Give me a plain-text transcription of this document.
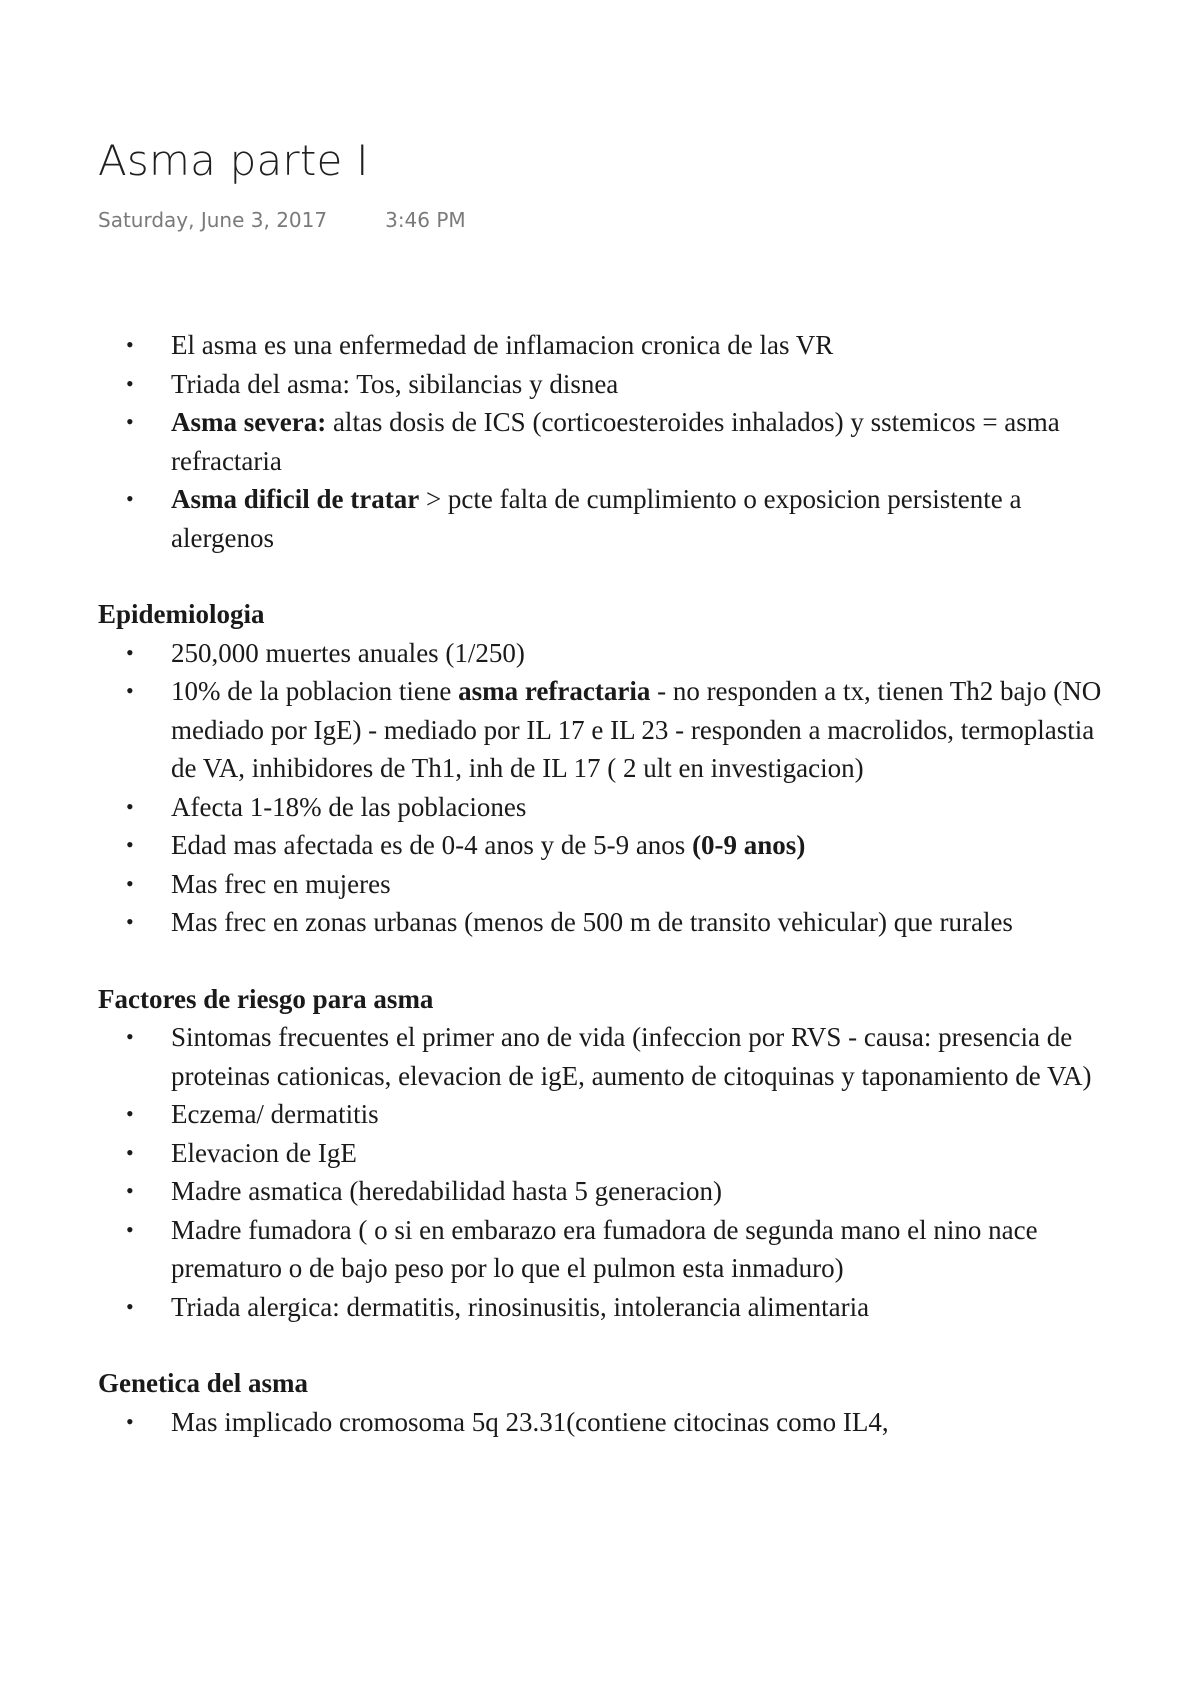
Asma parte I
Saturday, June 3, 2017	3:46 PM
• El asma es una enfermedad de inflamacion cronica de las VR
• Triada del asma: Tos, sibilancias y disnea
• Asma severa: altas dosis de ICS (corticoesteroides inhalados) y sstemicos = asma refractaria
• Asma dificil de tratar > pcte falta de cumplimiento o exposicion persistente a alergenos
Epidemiologia
• 250,000 muertes anuales (1/250)
• 10% de la poblacion tiene asma refractaria - no responden a tx, tienen Th2 bajo (NO mediado por IgE) - mediado por IL 17 e IL 23 - responden a macrolidos, termoplastia de VA, inhibidores de Th1, inh de IL 17 ( 2 ult en investigacion)
• Afecta 1-18% de las poblaciones
• Edad mas afectada es de 0-4 anos y de 5-9 anos (0-9 anos)
• Mas frec en mujeres
• Mas frec en zonas urbanas (menos de 500 m de transito vehicular) que rurales
Factores de riesgo para asma
• Sintomas frecuentes el primer ano de vida (infeccion por RVS - causa: presencia de proteinas cationicas, elevacion de igE, aumento de citoquinas y taponamiento de VA)
• Eczema/ dermatitis
• Elevacion de IgE
• Madre asmatica (heredabilidad hasta 5 generacion)
• Madre fumadora ( o si en embarazo era fumadora de segunda mano el nino nace prematuro o de bajo peso por lo que el pulmon esta inmaduro)
• Triada alergica: dermatitis, rinosinusitis, intolerancia alimentaria
Genetica del asma
• Mas implicado cromosoma 5q 23.31(contiene citocinas como IL4,
